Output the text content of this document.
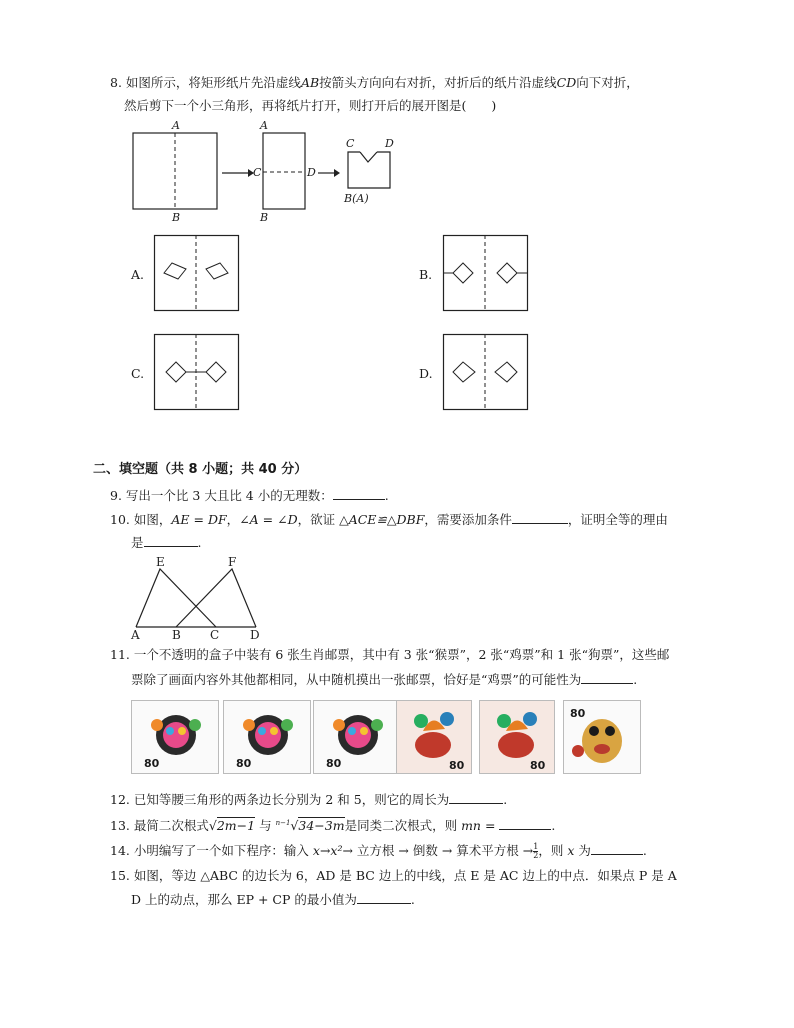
8. 如图所示，将矩形纸片先沿虚线AB按箭头方向向右对折，对折后的纸片沿虚线CD向下对折，
然后剪下一个小三角形，再将纸片打开，则打开后的展开图是(　　)
A
B
A
B
C	D
C	D
B(A)
A.	B.
C.	D.
二、填空题（共 8 小题；共 40 分）
9. 写出一个比 3 大且比 4 小的无理数：	.
10. 如图，AE = DF，∠A = ∠D，欲证 △ACE≌△DBF，需要添加条件	，证明全等的理由
是	.
E	F
A	B C	D
11. 一个不透明的盒子中装有 6 张生肖邮票，其中有 3 张“猴票”，2 张“鸡票”和 1 张“狗票”，这些邮
票除了画面内容外其他都相同，从中随机摸出一张邮票，恰好是“鸡票”的可能性为	.
80	80	80	80	80
80
12. 已知等腰三角形的两条边长分别为 2 和 5，则它的周长为	.
13. 最简二次根式√2m−1 与 $^{n-1}$√34−3m是同类二次根式，则 mn =	.
14. 小明编写了一个如下程序：输入 x→x²→ 立方根 → 倒数 → 算术平方根 → $\frac{1}{2}$ ，则 x 为	.
15. 如图，等边 △ABC 的边长为 6，AD 是 BC 边上的中线，点 E 是 AC 边上的中点．如果点 P 是 A
D 上的动点，那么 EP + CP 的最小值为	.
